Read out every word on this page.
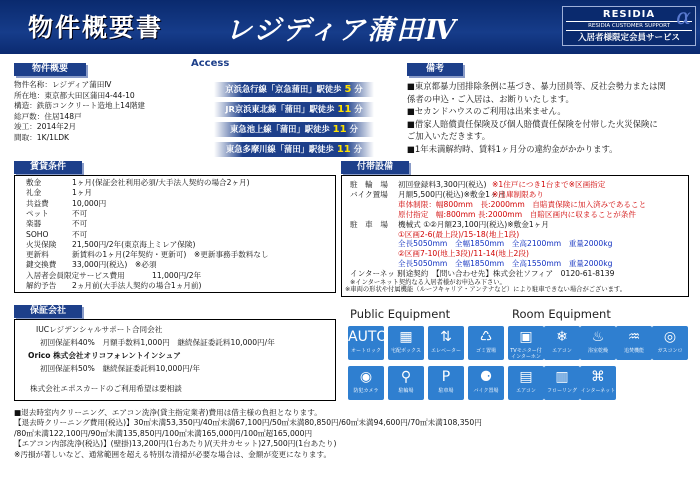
物件概要書 レジディア蒲田Ⅳ
RESIDIA
RESIDIA CUSTOMER SUPPORT
入居者様限定会員サービス
α
物件概要
物件名称：レジディア蒲田Ⅳ
所在地：東京都大田区蒲田4-44-10
構造：鉄筋コンクリート造地上14階建
総戸数：住居148戸
竣工：2014年2月
間取：1K/1LDK
Access
京浜急行線「京急蒲田」駅徒歩 5 分
JR京浜東北線「蒲田」駅徒歩 11 分
東急池上線「蒲田」駅徒歩 11 分
東急多摩川線「蒲田」駅徒歩 11 分
備考
■東京都暴力団排除条例に基づき、暴力団員等、反社会勢力または関
係者の申込・ご入居は、お断りいたします。
■セカンドハウスのご利用は出来ません。
■借家人賠償責任保険及び個人賠償責任保険を付帯した火災保険に
ご加入いただきます。
■1年未満解約時、賃料1ヶ月分の違約金がかかります。
賃貸条件
敷金	1ヶ月(保証会社利用必須/大手法人契約の場合2ヶ月)
礼金	1ヶ月
共益費	10,000円
ペット	不可
楽器	不可
SOHO	不可
火災保険 21,500円/2年(東京海上ミレア保険)
更新料	新賃料の1ヶ月(2年契約・更新可)　※更新事務手数料なし
鍵交換費 33,000円(税込)　※必須
入居者会員限定サービス費用	11,000円/2年
解約予告 2ヵ月前(大手法人契約の場合1ヵ月前)
付帯設備
駐　輪　場 初回登録料3,300円(税込) ※1住戸につき1台まで※区画指定
バイク置場 月額5,500円(税込)※敷金1ヶ月
※出庫制限あり
車体制限：幅800mm　長:2000mm　自賠責保険に加入済みであること
原付指定　幅:800mm 長:2000mm　自賠区画内に収まることが条件
駐　車　場 機械式 ①②月額23,100円(税込)※敷金1ヶ月
①区画2-6(最上段)/15-18(地上1段)
全長5050mm　全幅1850mm　全高2100mm　重量2000kg
②区画7-10(地上3段)/11-14(地上2段)
全長5050mm　全幅1850mm　全高1550mm　重量2000kg
インターネット
別途契約　【問い合わせ先】株式会社ソフィア　0120-61-8139
※インターネット契約なる入居者様がお申込み下さい。
※車両の形状や付属機能（ルーフキャリア・アンテナなど）により駐車できない場合がございます。
保証会社
IUCレジデンシャルサポート合同会社
初回保証料40%　月額手数料1,000円　継続保証委託料10,000円/年
Orico 株式会社オリコフォレントインシュア
初回保証料50%　継続保証委託料10,000円/年
株式会社エポスカードのご利用希望は要相談
Public Equipment	Room Equipment
AUTO
オートロック
▦
宅配ボックス
⇅
エレベーター
♺
ゴミ置場
◉
防犯カメラ
⚲
駐輪場
P
駐車場
⚈
バイク置場
▣
TVモニター付インターホン
❄
エアコン
♨
浴室乾燥
♒
追焚機能
◎
ガスコンロ
▤
エアコン
▥
フローリング
⌘
インターネット
■退去時室内クリーニング、エアコン洗浄(貸主指定業者)費用は借主様の負担となります。
【退去時クリーニング費用(税込)】30㎡未満53,350円/40㎡未満67,100円/50㎡未満80,850円/60㎡未満94,600円/70㎡未満108,350円
/80㎡未満122,100円/90㎡未満135,850円/100㎡未満165,000円/100㎡超165,000円
【エアコン内部洗浄(税込)】(壁掛)13,200円(1台あたり)/(天井カセット)27,500円(1台あたり)
※汚損が著しいなど、通常範囲を超える特別な清掃が必要な場合は、金額が変更になります。
